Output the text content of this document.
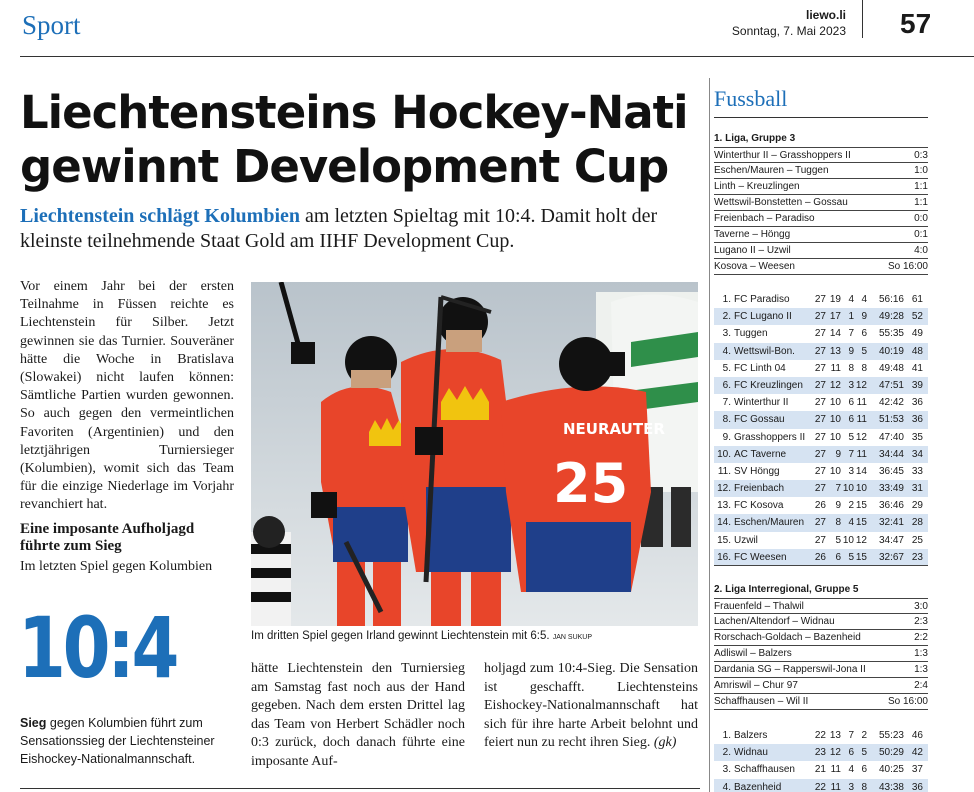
Sport	liewo.li
Sonntag, 7. Mai 2023 57
Liechtensteins Hockey-Nati
gewinnt Development Cup
Liechtenstein schlägt Kolumbien am letzten Spieltag mit 10:4. Damit holt der kleinste teilnehmende Staat Gold am IIHF Development Cup.
Vor einem Jahr bei der ersten Teilnahme in Füssen reichte es Liechtenstein für Silber. Jetzt gewinnen sie das Turnier. Souveräner hätte die Woche in Bratislava (Slowakei) nicht laufen können: Sämtliche Partien wurden gewonnen. So auch gegen den vermeintlichen Favoriten (Argentinien) und den letztjährigen Turniersieger (Kolumbien), womit sich das Team für die einzige Niederlage im Vorjahr revanchiert hat.
Eine imposante Aufholjagd führte zum Sieg
Im letzten Spiel gegen Kolumbien
10:4
Sieg gegen Kolumbien führt zum Sensationssieg der Liechtensteiner Eishockey-Nationalmannschaft.
NEURAUTER
25
Im dritten Spiel gegen Irland gewinnt Liechtenstein mit 6:5. JAN SUKUP
hätte Liechtenstein den Turniersieg am Samstag fast noch aus der Hand gegeben. Nach dem ersten Drittel lag das Team von Herbert Schädler noch 0:3 zurück, doch danach führte eine imposante Auf-
holjagd zum 10:4-Sieg. Die Sensation ist geschafft. Liechtensteins Eishockey-Nationalmannschaft hat sich für ihre harte Arbeit belohnt und feiert nun zu recht ihren Sieg. (gk)
Fussball
1. Liga, Gruppe 3
Winterthur II – Grasshoppers II	0:3
Eschen/Mauren – Tuggen	1:0
Linth – Kreuzlingen	1:1
Wettswil-Bonstetten – Gossau	1:1
Freienbach – Paradiso	0:0
Taverne – Höngg	0:1
Lugano II – Uzwil	4:0
Kosova – Weesen	So 16:00
1. FC Paradiso	27 19 4 4	56:16 61
2. FC Lugano II	27 17 1 9	49:28 52
3. Tuggen	27 14 7 6	55:35 49
4. Wettswil-Bon.	27 13 9 5	40:19 48
5. FC Linth 04	27 11 8 8	49:48 41
6. FC Kreuzlingen	27 12 3 12	47:51 39
7. Winterthur II	27 10 6 11	42:42 36
8. FC Gossau	27 10 6 11	51:53 36
9. Grasshoppers II 27 10 5 12	47:40 35
10. AC Taverne	27 9 7 11	34:44 34
11. SV Höngg	27 10 3 14	36:45 33
12. Freienbach	27 7 10 10	33:49 31
13. FC Kosova	26 9 2 15	36:46 29
14. Eschen/Mauren	27 8 4 15	32:41 28
15. Uzwil	27 5 10 12	34:47 25
16. FC Weesen	26 6 5 15	32:67 23
2. Liga Interregional, Gruppe 5
Frauenfeld – Thalwil	3:0
Lachen/Altendorf – Widnau	2:3
Rorschach-Goldach – Bazenheid	2:2
Adliswil – Balzers	1:3
Dardania SG – Rapperswil-Jona II	1:3
Amriswil – Chur 97	2:4
Schaffhausen – Wil II	So 16:00
1. Balzers	22 13 7 2	55:23 46
2. Widnau	23 12 6 5	50:29 42
3. Schaffhausen	21 11 4 6	40:25 37
4. Bazenheid	22 11 3 8	43:38 36
